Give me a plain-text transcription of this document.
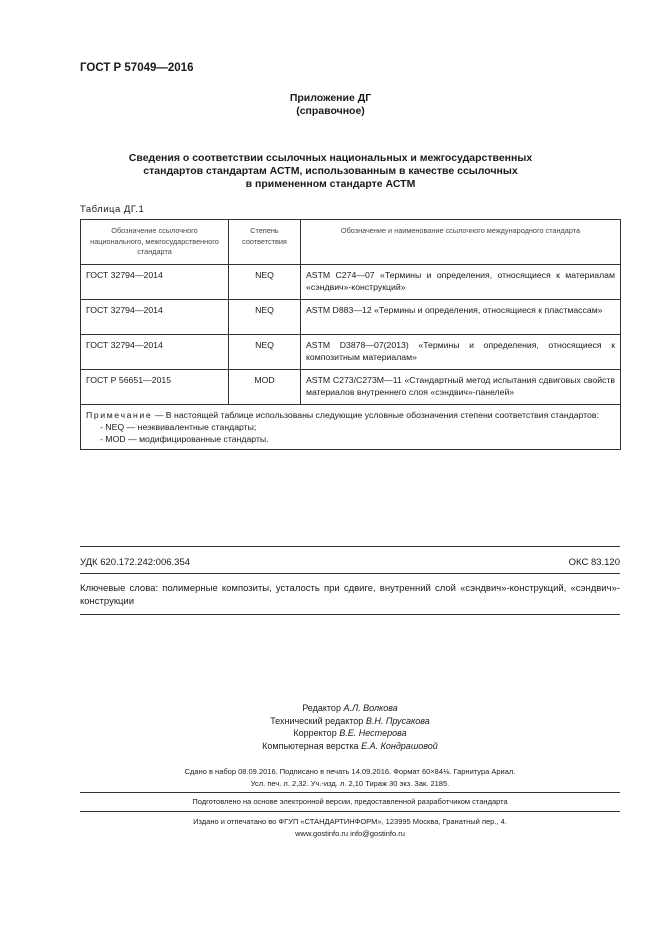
ГОСТ Р 57049—2016
Приложение ДГ
(справочное)
Сведения о соответствии ссылочных национальных и межгосударственных
стандартов стандартам АСТМ, использованным в качестве ссылочных
в примененном стандарте АСТМ
Таблица ДГ.1
Обозначение ссылочного национального, межгосударственного стандарта	Степень соответствия	Обозначение и наименование ссылочного международного стандарта
ГОСТ 32794—2014	NEQ	ASTM C274—07 «Термины и определения, относящиеся к материалам «сэндвич»-конструкций»
ГОСТ 32794—2014	NEQ	ASTM D883—12 «Термины и определения, относящиеся к пластмассам»
ГОСТ 32794—2014	NEQ	ASTM D3878—07(2013) «Термины и определения, относящиеся к композитным материалам»
ГОСТ Р 56651—2015	MOD	ASTM C273/C273M—11 «Стандартный метод испытания сдвиговых свойств материалов внутреннего слоя «сэндвич»-панелей»

Примечание — В настоящей таблице использованы следующие условные обозначения степени соответствия стандартов:
- NEQ — неэквивалентные стандарты;
- MOD — модифицированные стандарты.		
УДК 620.172.242:006.354	ОКС 83.120
Ключевые слова: полимерные композиты, усталость при сдвиге, внутренний слой «сэндвич»-конструкций, «сэндвич»-конструкции
Редактор А.Л. Волкова
Технический редактор В.Н. Прусакова
Корректор В.Е. Нестерова
Компьютерная верстка Е.А. Кондрашовой
Сдано в набор 08.09.2016. Подписано в печать 14.09.2016. Формат 60×84⅛. Гарнитура Ариал.
Усл. печ. л. 2,32. Уч.-изд. л. 2,10 Тираж 30 экз. Зак. 2185.
Подготовлено на основе электронной версии, предоставленной разработчиком стандарта
Издано и отпечатано во ФГУП «СТАНДАРТИНФОРМ», 123995 Москва, Гранатный пер., 4.
www.gostinfo.ru info@gostinfo.ru
